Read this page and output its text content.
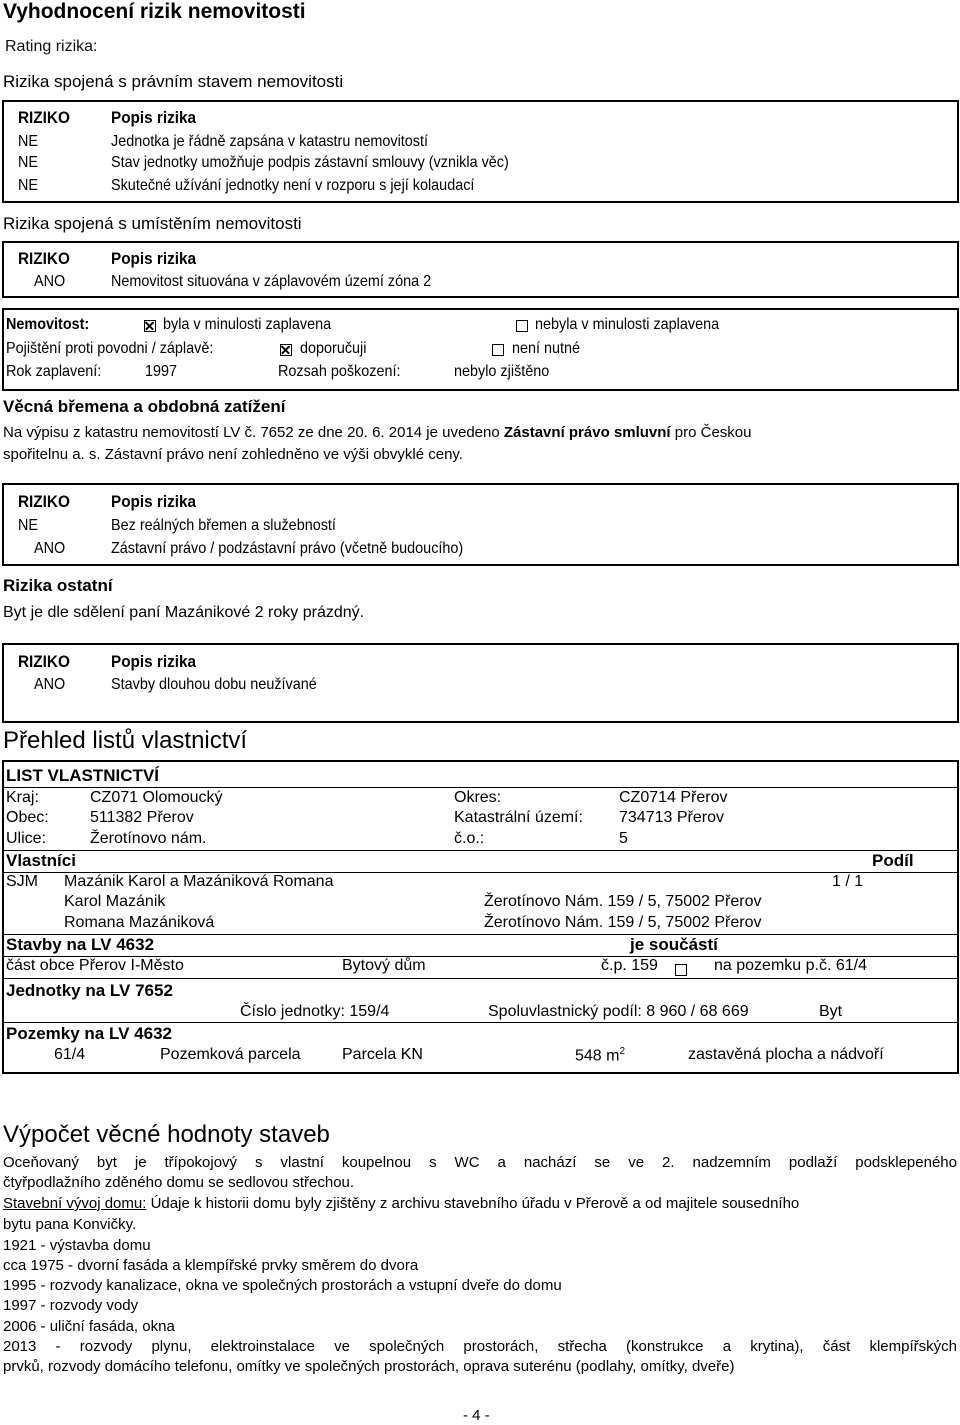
Vyhodnocení rizik nemovitosti
Rating rizika:
Rizika spojená s právním stavem nemovitosti
RIZIKO Popis rizika
NE	Jednotka je řádně zapsána v katastru nemovitostí
NE	Stav jednotky umožňuje podpis zástavní smlouvy (vznikla věc)
NE	Skutečné užívání jednotky není v rozporu s její kolaudací
Rizika spojená s umístěním nemovitosti
RIZIKO Popis rizika
ANO	Nemovitost situována v záplavovém území zóna 2
Nemovitost:	byla v minulosti zaplavena	nebyla v minulosti zaplavena
Pojištění proti povodni / záplavě:	doporučuji	není nutné
Rok zaplavení:	1997	Rozsah poškození:	nebylo zjištěno
Věcná břemena a obdobná zatížení
Na výpisu z katastru nemovitostí LV č. 7652 ze dne 20. 6. 2014 je uvedeno Zástavní právo smluvní pro Českou
spořitelnu a. s. Zástavní právo není zohledněno ve výši obvyklé ceny.
RIZIKO Popis rizika
NE	Bez reálných břemen a služebností
ANO	Zástavní právo / podzástavní právo (včetně budoucího)
Rizika ostatní
Byt je dle sdělení paní Mazánikové 2 roky prázdný.
RIZIKO Popis rizika
ANO	Stavby dlouhou dobu neužívané
Přehled listů vlastnictví
LIST VLASTNICTVÍ
Kraj:	CZ071 Olomoucký	Okres:	CZ0714 Přerov
Obec:	511382 Přerov	Katastrální území: 734713 Přerov
Ulice:	Žerotínovo nám.	č.o.:	5
Vlastníci	Podíl
SJM Mazánik Karol a Mazániková Romana	1 / 1
Karol Mazánik	Žerotínovo Nám. 159 / 5, 75002 Přerov
Romana Mazániková	Žerotínovo Nám. 159 / 5, 75002 Přerov
Stavby na LV 4632	je součástí
část obce Přerov I-Město	Bytový dům	č.p. 159	na pozemku p.č. 61/4
Jednotky na LV 7652
Číslo jednotky: 159/4	Spoluvlastnický podíl: 8 960 / 68 669	Byt
Pozemky na LV 4632
61/4	Pozemková parcela	Parcela KN	548 $m^2$	zastavěná plocha a nádvoří
Výpočet věcné hodnoty staveb
Oceňovaný byt je třípokojový s vlastní koupelnou s WC a nachází se ve 2. nadzemním podlaží podsklepeného
čtyřpodlažního zděného domu se sedlovou střechou.
Stavební vývoj domu: Údaje k historii domu byly zjištěny z archivu stavebního úřadu v Přerově a od majitele sousedního
bytu pana Konvičky.
1921 - výstavba domu
cca 1975 - dvorní fasáda a klempířské prvky směrem do dvora
1995 - rozvody kanalizace, okna ve společných prostorách a vstupní dveře do domu
1997 - rozvody vody
2006 - uliční fasáda, okna
2013 - rozvody plynu, elektroinstalace ve společných prostorách, střecha (konstrukce a krytina), část klempířských
prvků, rozvody domácího telefonu, omítky ve společných prostorách, oprava suterénu (podlahy, omítky, dveře)
- 4 -
